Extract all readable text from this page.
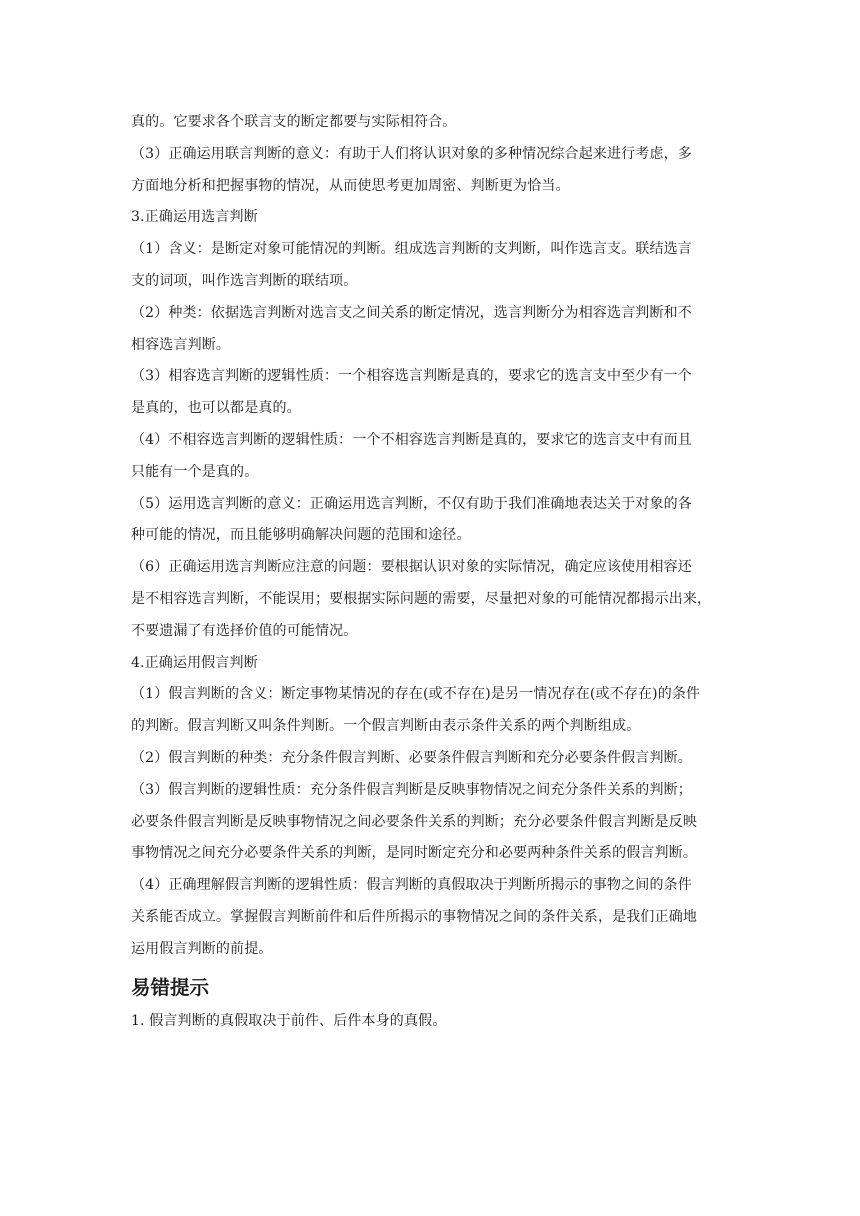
真的。它要求各个联言支的断定都要与实际相符合。
（3）正确运用联言判断的意义：有助于人们将认识对象的多种情况综合起来进行考虑，多
方面地分析和把握事物的情况，从而使思考更加周密、判断更为恰当。
3.正确运用选言判断
（1）含义：是断定对象可能情况的判断。组成选言判断的支判断，叫作选言支。联结选言
支的词项，叫作选言判断的联结项。
（2）种类：依据选言判断对选言支之间关系的断定情况，选言判断分为相容选言判断和不
相容选言判断。
（3）相容选言判断的逻辑性质：一个相容选言判断是真的，要求它的选言支中至少有一个
是真的，也可以都是真的。
（4）不相容选言判断的逻辑性质：一个不相容选言判断是真的，要求它的选言支中有而且
只能有一个是真的。
（5）运用选言判断的意义：正确运用选言判断，不仅有助于我们准确地表达关于对象的各
种可能的情况，而且能够明确解决问题的范围和途径。
（6）正确运用选言判断应注意的问题：要根据认识对象的实际情况，确定应该使用相容还
是不相容选言判断，不能误用；要根据实际问题的需要，尽量把对象的可能情况都揭示出来，
不要遗漏了有选择价值的可能情况。
4.正确运用假言判断
（1）假言判断的含义：断定事物某情况的存在(或不存在)是另一情况存在(或不存在)的条件
的判断。假言判断又叫条件判断。一个假言判断由表示条件关系的两个判断组成。
（2）假言判断的种类：充分条件假言判断、必要条件假言判断和充分必要条件假言判断。
（3）假言判断的逻辑性质：充分条件假言判断是反映事物情况之间充分条件关系的判断；
必要条件假言判断是反映事物情况之间必要条件关系的判断；充分必要条件假言判断是反映
事物情况之间充分必要条件关系的判断，是同时断定充分和必要两种条件关系的假言判断。
（4）正确理解假言判断的逻辑性质：假言判断的真假取决于判断所揭示的事物之间的条件
关系能否成立。掌握假言判断前件和后件所揭示的事物情况之间的条件关系，是我们正确地
运用假言判断的前提。
易错提示
1. 假言判断的真假取决于前件、后件本身的真假。
